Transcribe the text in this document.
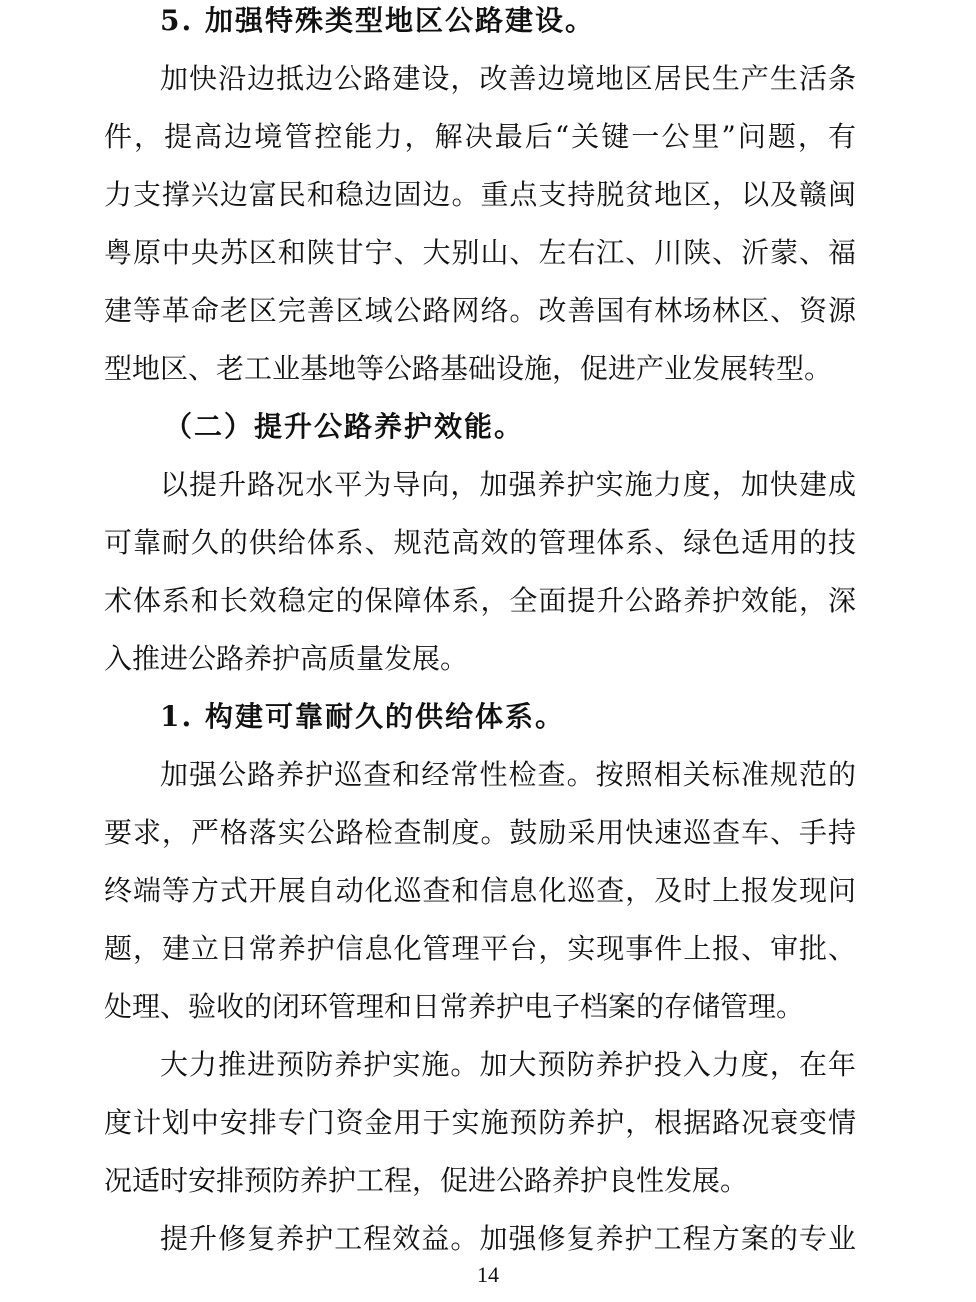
5. 加强特殊类型地区公路建设。
加快沿边抵边公路建设，改善边境地区居民生产生活条
件，提高边境管控能力，解决最后“关键一公里”问题，有
力支撑兴边富民和稳边固边。重点支持脱贫地区，以及赣闽
粤原中央苏区和陕甘宁、大别山、左右江、川陕、沂蒙、福
建等革命老区完善区域公路网络。改善国有林场林区、资源
型地区、老工业基地等公路基础设施，促进产业发展转型。
（二）提升公路养护效能。
以提升路况水平为导向，加强养护实施力度，加快建成
可靠耐久的供给体系、规范高效的管理体系、绿色适用的技
术体系和长效稳定的保障体系，全面提升公路养护效能，深
入推进公路养护高质量发展。
1. 构建可靠耐久的供给体系。
加强公路养护巡查和经常性检查。按照相关标准规范的
要求，严格落实公路检查制度。鼓励采用快速巡查车、手持
终端等方式开展自动化巡查和信息化巡查，及时上报发现问
题，建立日常养护信息化管理平台，实现事件上报、审批、
处理、验收的闭环管理和日常养护电子档案的存储管理。
大力推进预防养护实施。加大预防养护投入力度，在年
度计划中安排专门资金用于实施预防养护，根据路况衰变情
况适时安排预防养护工程，促进公路养护良性发展。
提升修复养护工程效益。加强修复养护工程方案的专业
14
